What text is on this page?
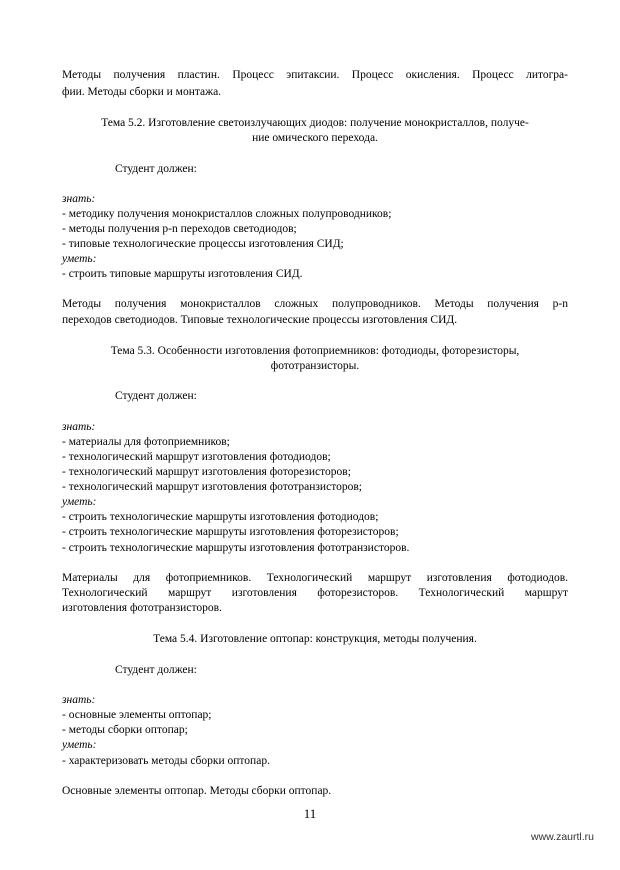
Методы получения пластин. Процесс эпитаксии. Процесс окисления. Процесс литогра-

фии. Методы сборки и монтажа.

Тема 5.2. Изготовление светоизлучающих диодов: получение монокристаллов, получе-

ние омического перехода.

Студент должен:

знать:

- методику получения монокристаллов сложных полупроводников;

- методы получения p-n переходов светодиодов;

- типовые технологические процессы изготовления СИД;

уметь:

- строить типовые маршруты изготовления СИД.

Методы получения монокристаллов сложных полупроводников. Методы получения p-n

переходов светодиодов. Типовые технологические процессы изготовления СИД.

Тема 5.3. Особенности изготовления фотоприемников: фотодиоды, фоторезисторы,

фототранзисторы.

Студент должен:

знать:

- материалы для фотоприемников;

- технологический маршрут изготовления фотодиодов;

- технологический маршрут изготовления фоторезисторов;

- технологический маршрут изготовления фототранзисторов;

уметь:

- строить технологические маршруты изготовления фотодиодов;

- строить технологические маршруты изготовления фоторезисторов;

- строить технологические маршруты изготовления фототранзисторов.

Материалы для фотоприемников. Технологический маршрут изготовления фотодиодов.

Технологический маршрут изготовления фоторезисторов. Технологический маршрут

изготовления фототранзисторов.

Тема 5.4. Изготовление оптопар: конструкция, методы получения.

Студент должен:

знать:

- основные элементы оптопар;

- методы сборки оптопар;

уметь:

- характеризовать методы сборки оптопар.

Основные элементы оптопар. Методы сборки оптопар.

11
www.zaurtl.ru
